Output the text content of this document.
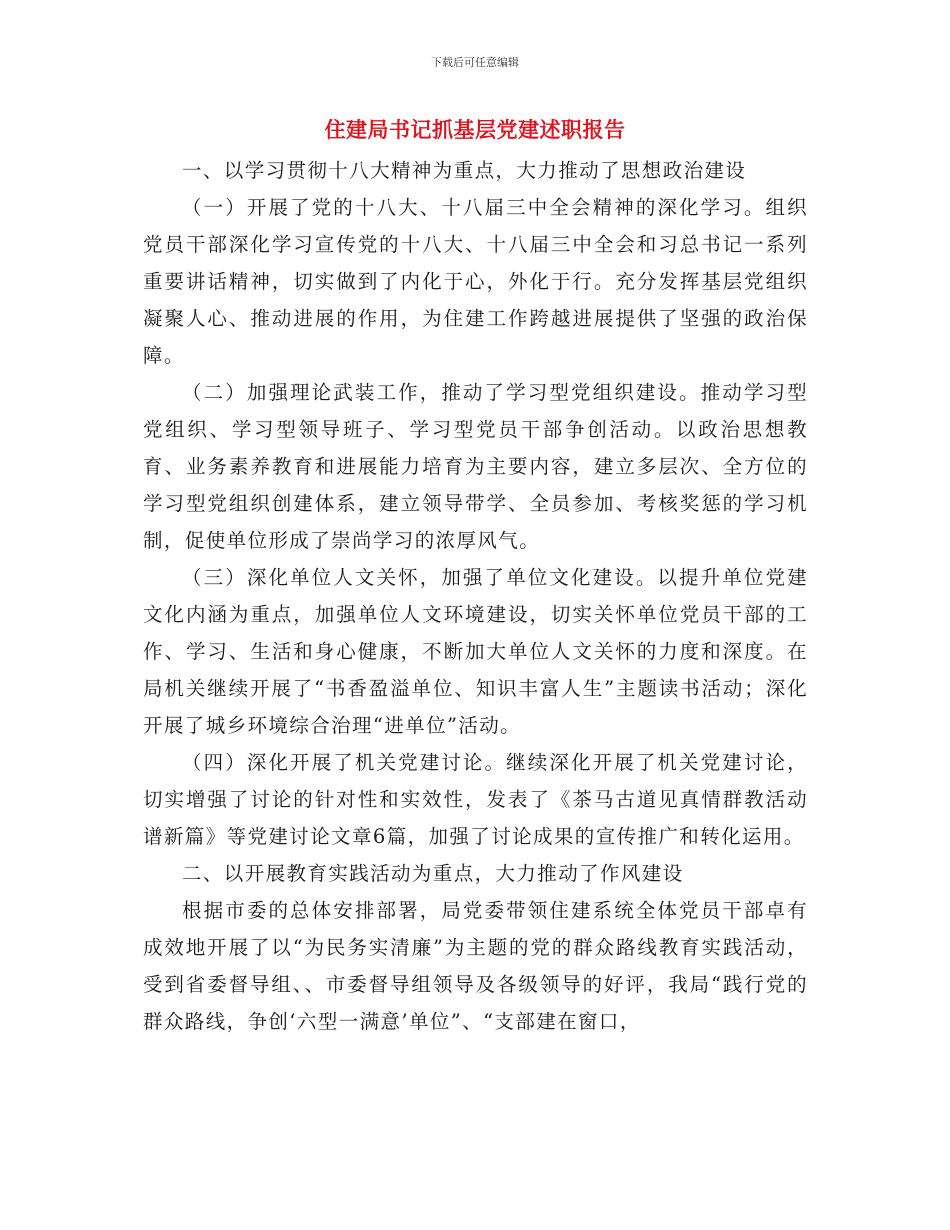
下载后可任意编辑
住建局书记抓基层党建述职报告

一、以学习贯彻十八大精神为重点，大力推动了思想政治建设

（一）开展了党的十八大、十八届三中全会精神的深化学习。组织党员干部深化学习宣传党的十八大、十八届三中全会和习总书记一系列重要讲话精神，切实做到了内化于心，外化于行。充分发挥基层党组织凝聚人心、推动进展的作用，为住建工作跨越进展提供了坚强的政治保障。

（二）加强理论武装工作，推动了学习型党组织建设。推动学习型党组织、学习型领导班子、学习型党员干部争创活动。以政治思想教育、业务素养教育和进展能力培育为主要内容，建立多层次、全方位的学习型党组织创建体系，建立领导带学、全员参加、考核奖惩的学习机制，促使单位形成了崇尚学习的浓厚风气。

（三）深化单位人文关怀，加强了单位文化建设。以提升单位党建文化内涵为重点，加强单位人文环境建设，切实关怀单位党员干部的工作、学习、生活和身心健康，不断加大单位人文关怀的力度和深度。在局机关继续开展了“书香盈溢单位、知识丰富人生”主题读书活动；深化开展了城乡环境综合治理“进单位”活动。

（四）深化开展了机关党建讨论。继续深化开展了机关党建讨论，切实增强了讨论的针对性和实效性，发表了《茶马古道见真情群教活动谱新篇》等党建讨论文章6篇，加强了讨论成果的宣传推广和转化运用。

二、以开展教育实践活动为重点，大力推动了作风建设

根据市委的总体安排部署，局党委带领住建系统全体党员干部卓有成效地开展了以“为民务实清廉”为主题的党的群众路线教育实践活动，受到省委督导组、、市委督导组领导及各级领导的好评，我局“践行党的群众路线，争创‘六型一满意’单位”、“支部建在窗口，
